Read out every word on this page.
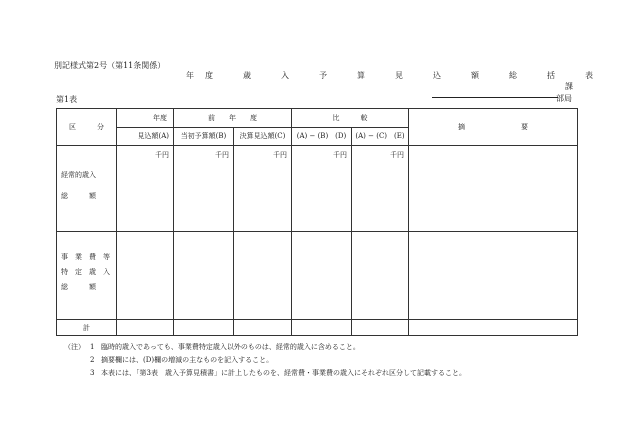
別記様式第2号（第11条関係）
年度　歳　入　予　算　見　込　額　総　括　表
課
部局
第1表
区　　　分	年度	前　　年　　度		比　　　較		摘　　　　　　　　要
	見込額(A)	当初予算額(B)	決算見込額(C)	(A) − (B)　(D)	(A) − (C)　(E)	

経常的歳入
総　　　額	千円	千円	千円	千円	千円	

事　業　費　等
特　定　歳　入
総　　　額						

計						
（注） 1 臨時的歳入であっても、事業費特定歳入以外のものは、経常的歳入に含めること。
2 摘要欄には、(D)欄の増減の主なものを記入すること。
3 本表には、「第3表　歳入予算見積書」に計上したものを、経常費・事業費の歳入にそれぞれ区分して記載すること。
